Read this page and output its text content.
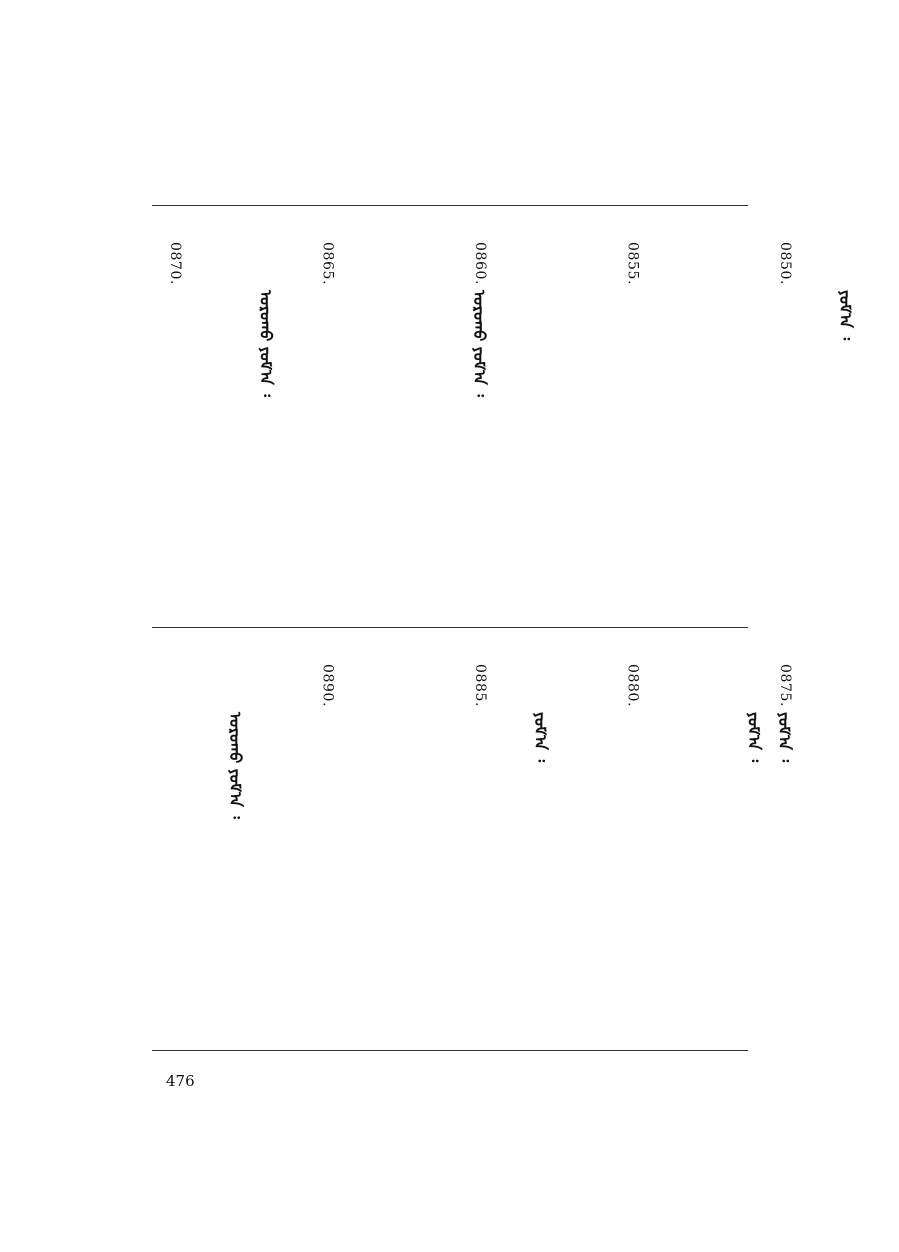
0870.
ᠣᠷᠣᠬᠤ ᠶᠤᠮ᠎ᠠ ᠄
0865.	0860.
ᠣᠷᠣᠬᠤ ᠶᠤᠮ᠎ᠠ ᠄
0855.	0850.
ᠶᠤᠮ᠎ᠠ ᠄
ᠣᠷᠣᠬᠤ ᠶᠤᠮ᠎ᠠ ᠄
0890.	0885.
ᠶᠤᠮ᠎ᠠ ᠄
0880.
ᠶᠤᠮ᠎ᠠ ᠄
0875.
ᠶᠤᠮ᠎ᠠ ᠄
476
